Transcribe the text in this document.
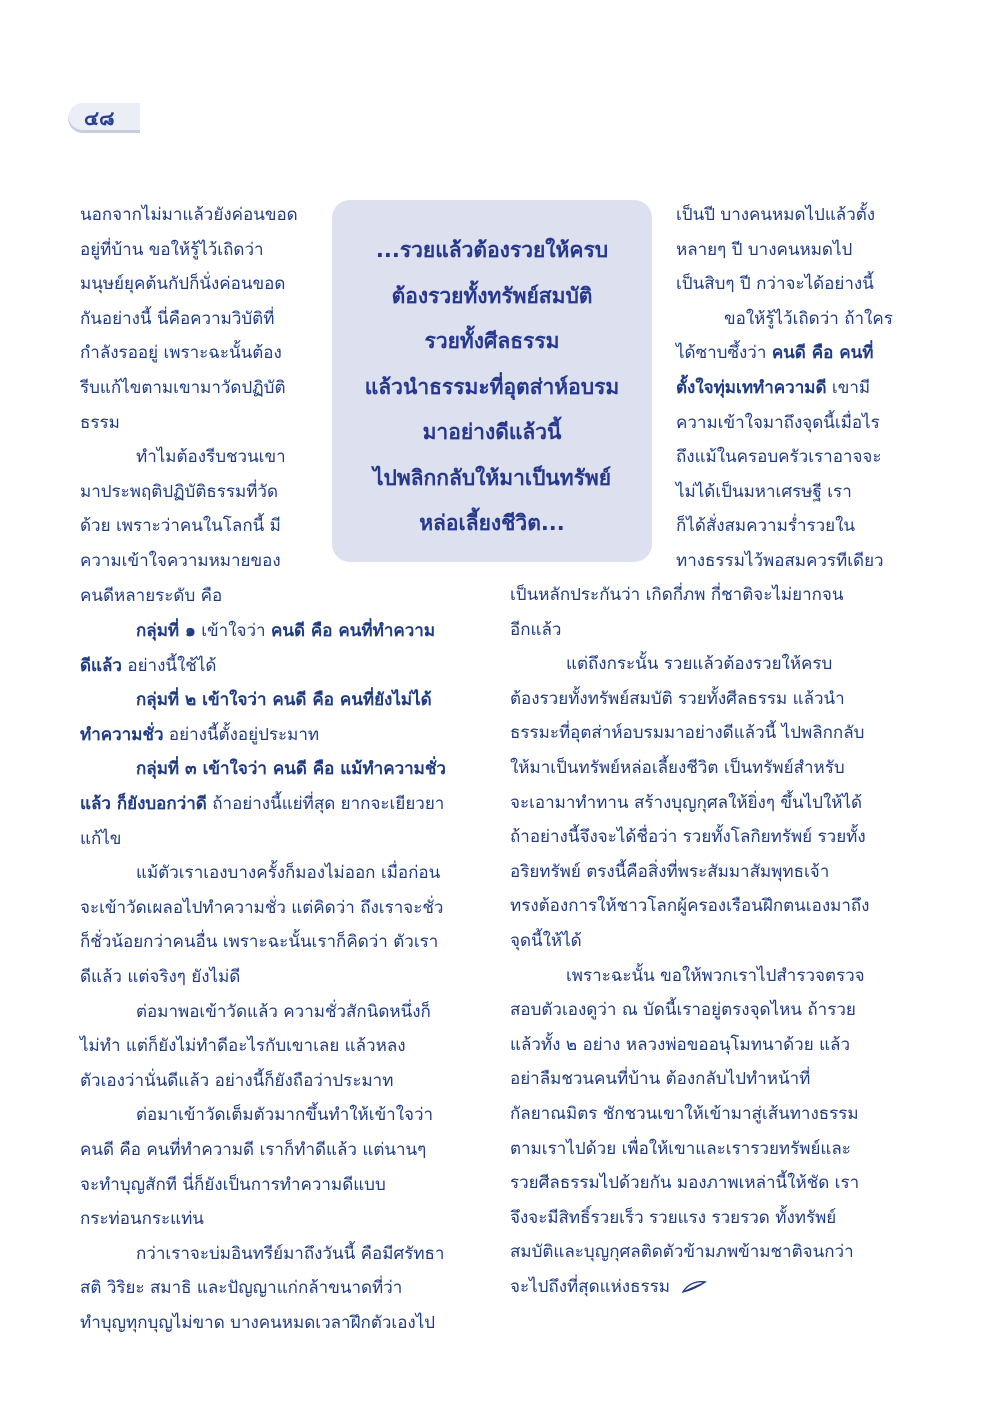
๔๘
นอกจากไม่มาแล้วยังค่อนขอด
อยู่ที่บ้าน ขอให้รู้ไว้เถิดว่า
มนุษย์ยุคต้นกัปก็นั่งค่อนขอด
กันอย่างนี้ นี่คือความวิบัติที่
กำลังรออยู่ เพราะฉะนั้นต้อง
รีบแก้ไขตามเขามาวัดปฏิบัติ
ธรรม
ทำไมต้องรีบชวนเขา
มาประพฤติปฏิบัติธรรมที่วัด
ด้วย เพราะว่าคนในโลกนี้ มี
ความเข้าใจความหมายของ
คนดีหลายระดับ คือ
...รวยแล้วต้องรวยให้ครบ
ต้องรวยทั้งทรัพย์สมบัติ
รวยทั้งศีลธรรม
แล้วนำธรรมะที่อุตส่าห์อบรม
มาอย่างดีแล้วนี้
ไปพลิกกลับให้มาเป็นทรัพย์
หล่อเลี้ยงชีวิต...
เป็นปี บางคนหมดไปแล้วตั้ง
หลายๆ ปี บางคนหมดไป
เป็นสิบๆ ปี กว่าจะได้อย่างนี้
ขอให้รู้ไว้เถิดว่า ถ้าใคร
ได้ซาบซึ้งว่า คนดี คือ คนที่
ตั้งใจทุ่มเททำความดี เขามี
ความเข้าใจมาถึงจุดนี้เมื่อไร
ถึงแม้ในครอบครัวเราอาจจะ
ไม่ได้เป็นมหาเศรษฐี เรา
ก็ได้สั่งสมความร่ำรวยใน
ทางธรรมไว้พอสมควรทีเดียว
กลุ่มที่ ๑ เข้าใจว่า คนดี คือ คนที่ทำความ
ดีแล้ว อย่างนี้ใช้ได้
กลุ่มที่ ๒ เข้าใจว่า คนดี คือ คนที่ยังไม่ได้
ทำความชั่ว อย่างนี้ตั้งอยู่ประมาท
กลุ่มที่ ๓ เข้าใจว่า คนดี คือ แม้ทำความชั่ว
แล้ว ก็ยังบอกว่าดี ถ้าอย่างนี้แย่ที่สุด ยากจะเยียวยา
แก้ไข
แม้ตัวเราเองบางครั้งก็มองไม่ออก เมื่อก่อน
จะเข้าวัดเผลอไปทำความชั่ว แต่คิดว่า ถึงเราจะชั่ว
ก็ชั่วน้อยกว่าคนอื่น เพราะฉะนั้นเราก็คิดว่า ตัวเรา
ดีแล้ว แต่จริงๆ ยังไม่ดี
ต่อมาพอเข้าวัดแล้ว ความชั่วสักนิดหนึ่งก็
ไม่ทำ แต่ก็ยังไม่ทำดีอะไรกับเขาเลย แล้วหลง
ตัวเองว่านั่นดีแล้ว อย่างนี้ก็ยังถือว่าประมาท
ต่อมาเข้าวัดเต็มตัวมากขึ้นทำให้เข้าใจว่า
คนดี คือ คนที่ทำความดี เราก็ทำดีแล้ว แต่นานๆ
จะทำบุญสักที นี่ก็ยังเป็นการทำความดีแบบ
กระท่อนกระแท่น
กว่าเราจะบ่มอินทรีย์มาถึงวันนี้ คือมีศรัทธา
สติ วิริยะ สมาธิ และปัญญาแก่กล้าขนาดที่ว่า
ทำบุญทุกบุญไม่ขาด บางคนหมดเวลาฝึกตัวเองไป
เป็นหลักประกันว่า เกิดกี่ภพ กี่ชาติจะไม่ยากจน
อีกแล้ว
แต่ถึงกระนั้น รวยแล้วต้องรวยให้ครบ
ต้องรวยทั้งทรัพย์สมบัติ รวยทั้งศีลธรรม แล้วนำ
ธรรมะที่อุตส่าห์อบรมมาอย่างดีแล้วนี้ ไปพลิกกลับ
ให้มาเป็นทรัพย์หล่อเลี้ยงชีวิต เป็นทรัพย์สำหรับ
จะเอามาทำทาน สร้างบุญกุศลให้ยิ่งๆ ขึ้นไปให้ได้
ถ้าอย่างนี้จึงจะได้ชื่อว่า รวยทั้งโลกิยทรัพย์ รวยทั้ง
อริยทรัพย์ ตรงนี้คือสิ่งที่พระสัมมาสัมพุทธเจ้า
ทรงต้องการให้ชาวโลกผู้ครองเรือนฝึกตนเองมาถึง
จุดนี้ให้ได้
เพราะฉะนั้น ขอให้พวกเราไปสำรวจตรวจ
สอบตัวเองดูว่า ณ บัดนี้เราอยู่ตรงจุดไหน ถ้ารวย
แล้วทั้ง ๒ อย่าง หลวงพ่อขออนุโมทนาด้วย แล้ว
อย่าลืมชวนคนที่บ้าน ต้องกลับไปทำหน้าที่
กัลยาณมิตร ชักชวนเขาให้เข้ามาสู่เส้นทางธรรม
ตามเราไปด้วย เพื่อให้เขาและเรารวยทรัพย์และ
รวยศีลธรรมไปด้วยกัน มองภาพเหล่านี้ให้ชัด เรา
จึงจะมีสิทธิ์รวยเร็ว รวยแรง รวยรวด ทั้งทรัพย์
สมบัติและบุญกุศลติดตัวข้ามภพข้ามชาติจนกว่า
จะไปถึงที่สุดแห่งธรรม
